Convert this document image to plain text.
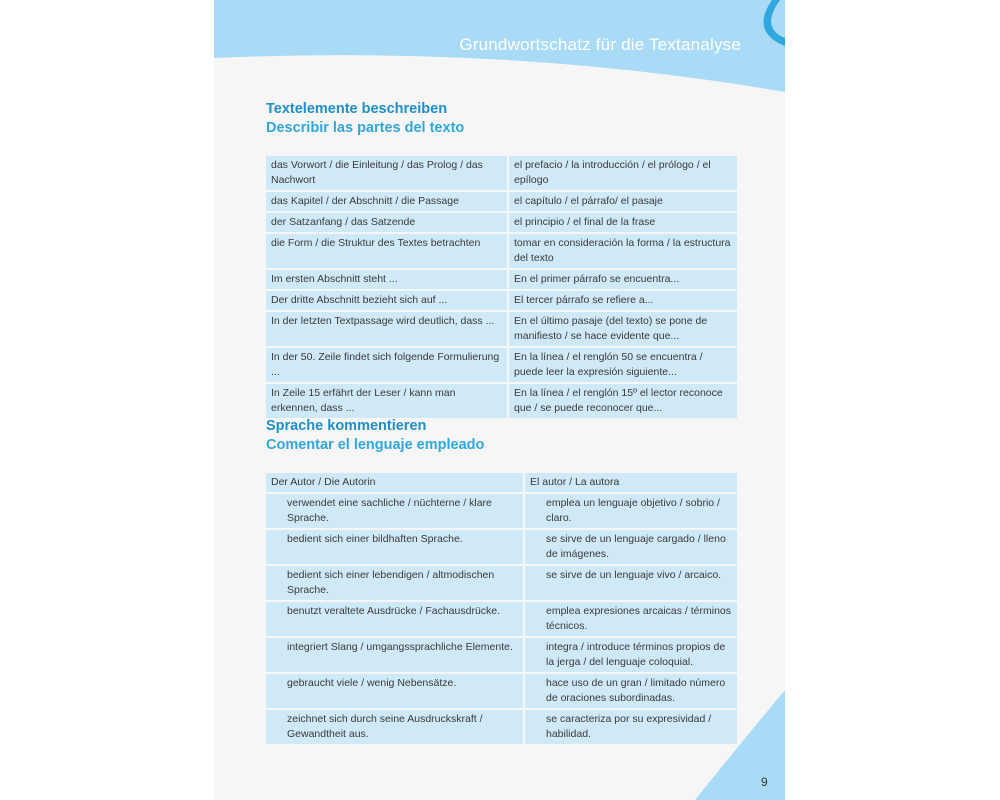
Grundwortschatz für die Textanalyse
Textelemente beschreiben
Describir las partes del texto
das Vorwort / die Einleitung / das Prolog / das Nachwort	el prefacio / la introducción / el prólogo / el epílogo
das Kapitel / der Abschnitt / die Passage	el capítulo / el párrafo/ el pasaje
der Satzanfang / das Satzende	el principio / el final de la frase
die Form / die Struktur des Textes betrachten	tomar en consideración la forma / la estructura del texto
Im ersten Abschnitt steht ...	En el primer párrafo se encuentra...
Der dritte Abschnitt bezieht sich auf ...	El tercer párrafo se refiere a...
In der letzten Textpassage wird deutlich, dass ...	En el último pasaje (del texto) se pone de manifiesto / se hace evidente que...
In der 50. Zeile findet sich folgende Formulierung ...	En la línea / el renglón 50 se encuentra / puede leer la expresión siguiente...
In Zeile 15 erfährt der Leser / kann man erkennen, dass ...	En la línea / el renglón 15º el lector reconoce que / se puede reconocer que...
Sprache kommentieren
Comentar el lenguaje empleado
Der Autor / Die Autorin	El autor / La autora
verwendet eine sachliche / nüchterne / klare Sprache.	emplea un lenguaje objetivo / sobrio / claro.
bedient sich einer bildhaften Sprache.	se sirve de un lenguaje cargado / lleno de imágenes.
bedient sich einer lebendigen / altmodischen Sprache.	se sirve de un lenguaje vivo / arcaico.
benutzt veraltete Ausdrücke / Fachausdrücke.	emplea expresiones arcaicas / términos técnicos.
integriert Slang / umgangssprachliche Elemente.	integra / introduce términos propios de la jerga / del lenguaje coloquial.
gebraucht viele / wenig Nebensätze.	hace uso de un gran / limitado número de oraciones subordinadas.
zeichnet sich durch seine Ausdruckskraft / Gewandtheit aus.	se caracteriza por su expresividad / habilidad.
9
